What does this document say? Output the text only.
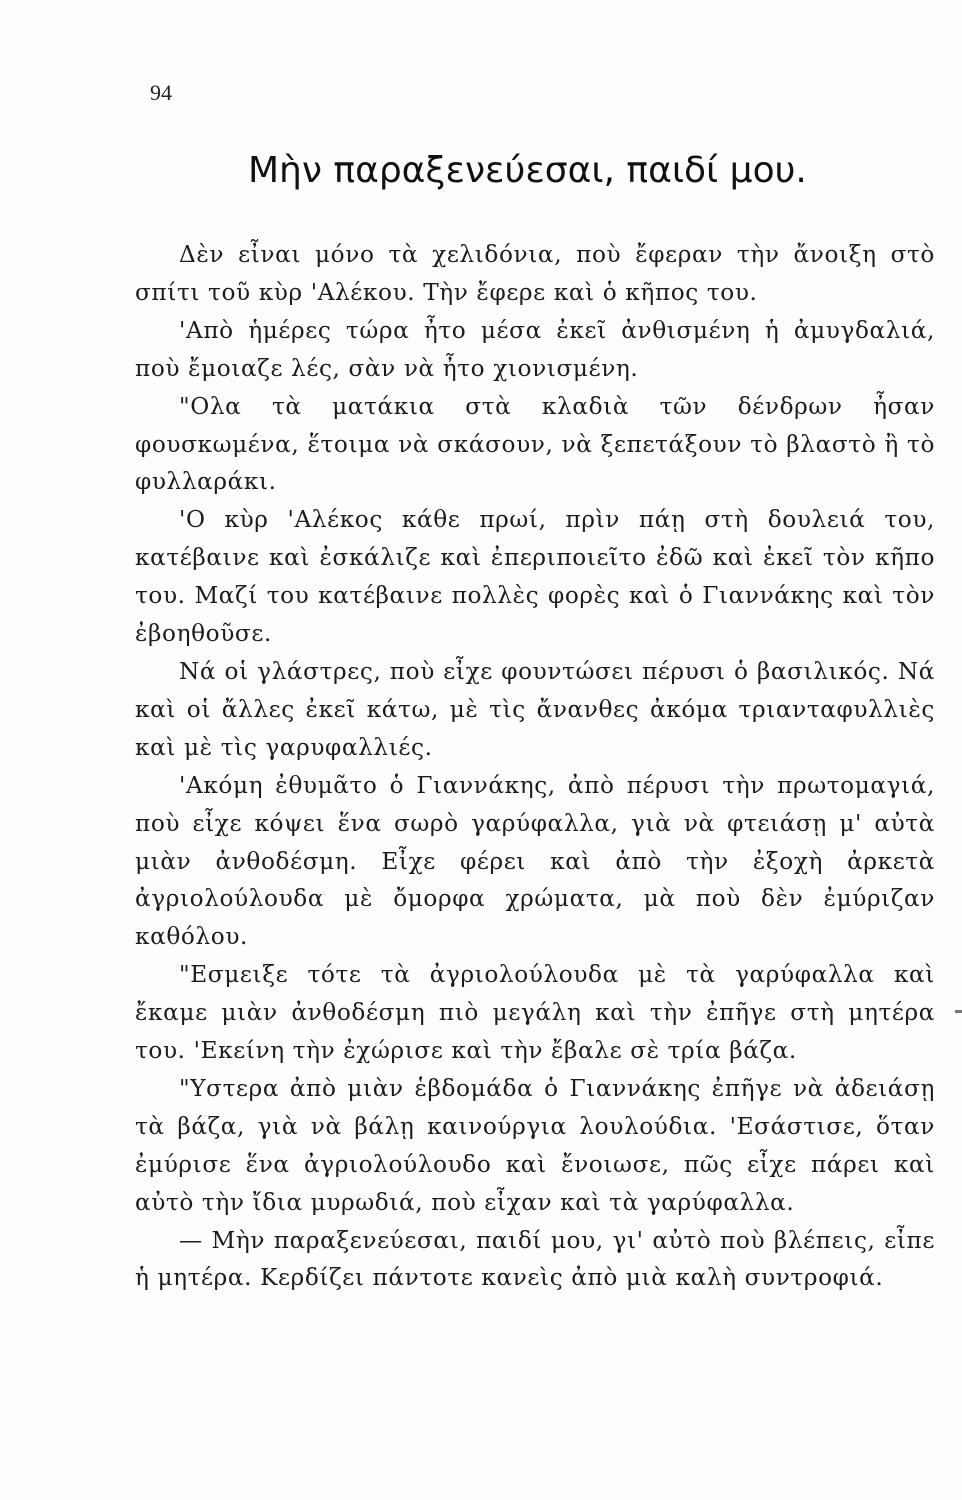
94
Μὴν παραξενεύεσαι, παιδί μου.

Δὲν εἶναι μόνο τὰ χελιδόνια, ποὺ ἔφεραν τὴν ἄνοιξη στὸ σπίτι τοῦ κὺρ 'Αλέκου. Τὴν ἔφερε καὶ ὁ κῆπος του.

'Απὸ ἡμέρες τώρα ἦτο μέσα ἐκεῖ ἀνθισμένη ἡ ἀμυγδαλιά, ποὺ ἔμοιαζε λές, σὰν νὰ ἦτο χιονισμένη.

"Ολα τὰ ματάκια στὰ κλαδιὰ τῶν δένδρων ἦσαν φουσκωμένα, ἕτοιμα νὰ σκάσουν, νὰ ξεπετάξουν τὸ βλαστὸ ἢ τὸ φυλλαράκι.

'Ο κὺρ 'Αλέκος κάθε πρωί, πρὶν πάῃ στὴ δουλειά του, κατέβαινε καὶ ἐσκάλιζε καὶ ἐπεριποιεῖτο ἐδῶ καὶ ἐκεῖ τὸν κῆπο του. Μαζί του κατέβαινε πολλὲς φορὲς καὶ ὁ Γιαννάκης καὶ τὸν ἐβοηθοῦσε.

Νά οἱ γλάστρες, ποὺ εἶχε φουντώσει πέρυσι ὁ βασιλικός. Νά καὶ οἱ ἄλλες ἐκεῖ κάτω, μὲ τὶς ἄνανθες ἀκόμα τριανταφυλλιὲς καὶ μὲ τὶς γαρυφαλλιές.

'Ακόμη ἐθυμᾶτο ὁ Γιαννάκης, ἀπὸ πέρυσι τὴν πρωτομαγιά, ποὺ εἶχε κόψει ἕνα σωρὸ γαρύφαλλα, γιὰ νὰ φτειάσῃ μ' αὐτὰ μιὰν ἀνθοδέσμη. Εἶχε φέρει καὶ ἀπὸ τὴν ἐξοχὴ ἀρκετὰ ἀγριολούλουδα μὲ ὄμορφα χρώματα, μὰ ποὺ δὲν ἐμύριζαν καθόλου.

"Εσμειξε τότε τὰ ἀγριολούλουδα μὲ τὰ γαρύφαλλα καὶ ἔκαμε μιὰν ἀνθοδέσμη πιὸ μεγάλη καὶ τὴν ἐπῆγε στὴ μητέρα του. 'Εκείνη τὴν ἐχώρισε καὶ τὴν ἔβαλε σὲ τρία βάζα.

"Υστερα ἀπὸ μιὰν ἑβδομάδα ὁ Γιαννάκης ἐπῆγε νὰ ἀδειάσῃ τὰ βάζα, γιὰ νὰ βάλῃ καινούργια λουλούδια. 'Εσάστισε, ὅταν ἐμύρισε ἕνα ἀγριολούλουδο καὶ ἔνοιωσε, πῶς εἶχε πάρει καὶ αὐτὸ τὴν ἴδια μυρωδιά, ποὺ εἶχαν καὶ τὰ γαρύφαλλα.

— Μὴν παραξενεύεσαι, παιδί μου, γι' αὐτὸ ποὺ βλέπεις, εἶπε ἡ μητέρα. Κερδίζει πάντοτε κανεὶς ἀπὸ μιὰ καλὴ συντροφιά.
